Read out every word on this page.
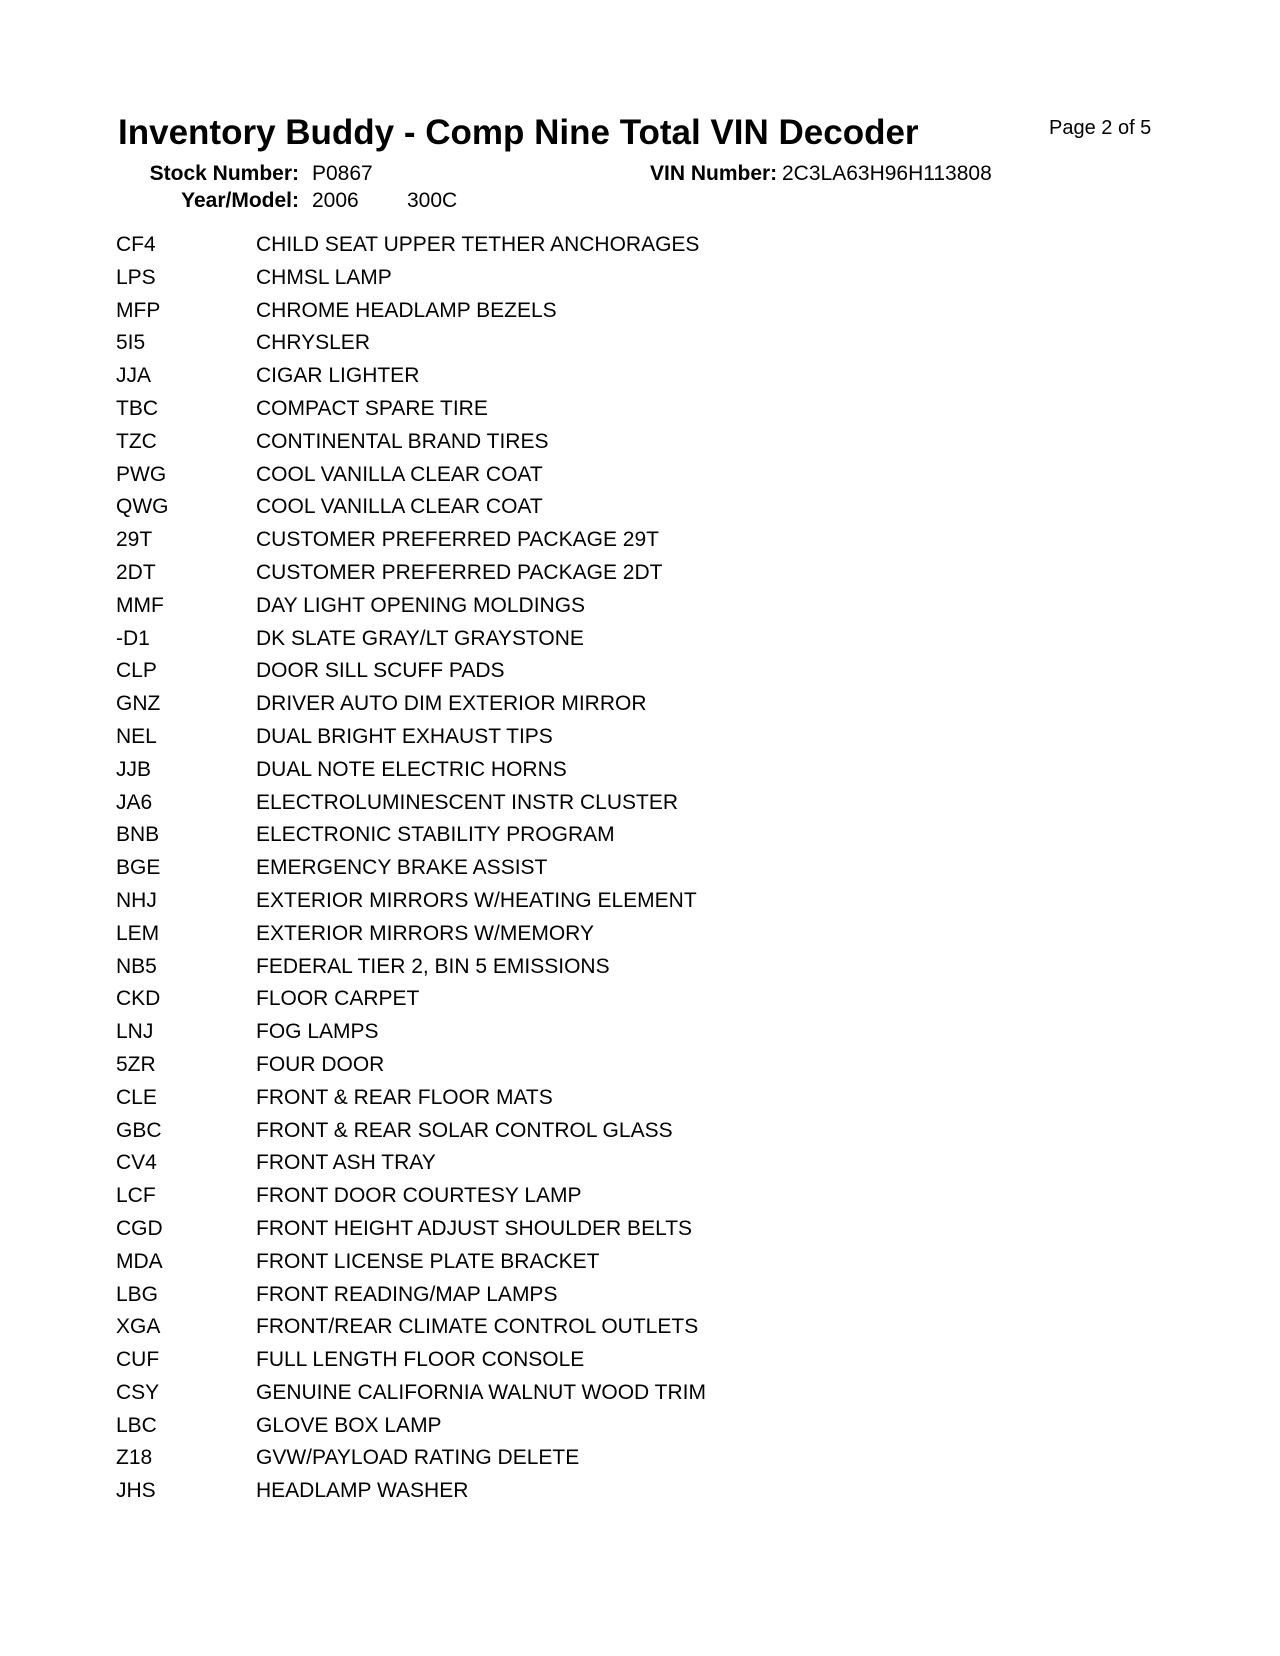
Inventory Buddy - Comp Nine Total VIN Decoder	Page 2 of 5
Stock Number: P0867	VIN Number: 2C3LA63H96H113808
Year/Model: 2006 300C
CF4	CHILD SEAT UPPER TETHER ANCHORAGES
LPS	CHMSL LAMP
MFP	CHROME HEADLAMP BEZELS
5I5	CHRYSLER
JJA	CIGAR LIGHTER
TBC	COMPACT SPARE TIRE
TZC	CONTINENTAL BRAND TIRES
PWG	COOL VANILLA CLEAR COAT
QWG	COOL VANILLA CLEAR COAT
29T	CUSTOMER PREFERRED PACKAGE 29T
2DT	CUSTOMER PREFERRED PACKAGE 2DT
MMF	DAY LIGHT OPENING MOLDINGS
-D1	DK SLATE GRAY/LT GRAYSTONE
CLP	DOOR SILL SCUFF PADS
GNZ	DRIVER AUTO DIM EXTERIOR MIRROR
NEL	DUAL BRIGHT EXHAUST TIPS
JJB	DUAL NOTE ELECTRIC HORNS
JA6	ELECTROLUMINESCENT INSTR CLUSTER
BNB	ELECTRONIC STABILITY PROGRAM
BGE	EMERGENCY BRAKE ASSIST
NHJ	EXTERIOR MIRRORS W/HEATING ELEMENT
LEM	EXTERIOR MIRRORS W/MEMORY
NB5	FEDERAL TIER 2, BIN 5 EMISSIONS
CKD	FLOOR CARPET
LNJ	FOG LAMPS
5ZR	FOUR DOOR
CLE	FRONT & REAR FLOOR MATS
GBC	FRONT & REAR SOLAR CONTROL GLASS
CV4	FRONT ASH TRAY
LCF	FRONT DOOR COURTESY LAMP
CGD	FRONT HEIGHT ADJUST SHOULDER BELTS
MDA	FRONT LICENSE PLATE BRACKET
LBG	FRONT READING/MAP LAMPS
XGA	FRONT/REAR CLIMATE CONTROL OUTLETS
CUF	FULL LENGTH FLOOR CONSOLE
CSY	GENUINE CALIFORNIA WALNUT WOOD TRIM
LBC	GLOVE BOX LAMP
Z18	GVW/PAYLOAD RATING DELETE
JHS	HEADLAMP WASHER
